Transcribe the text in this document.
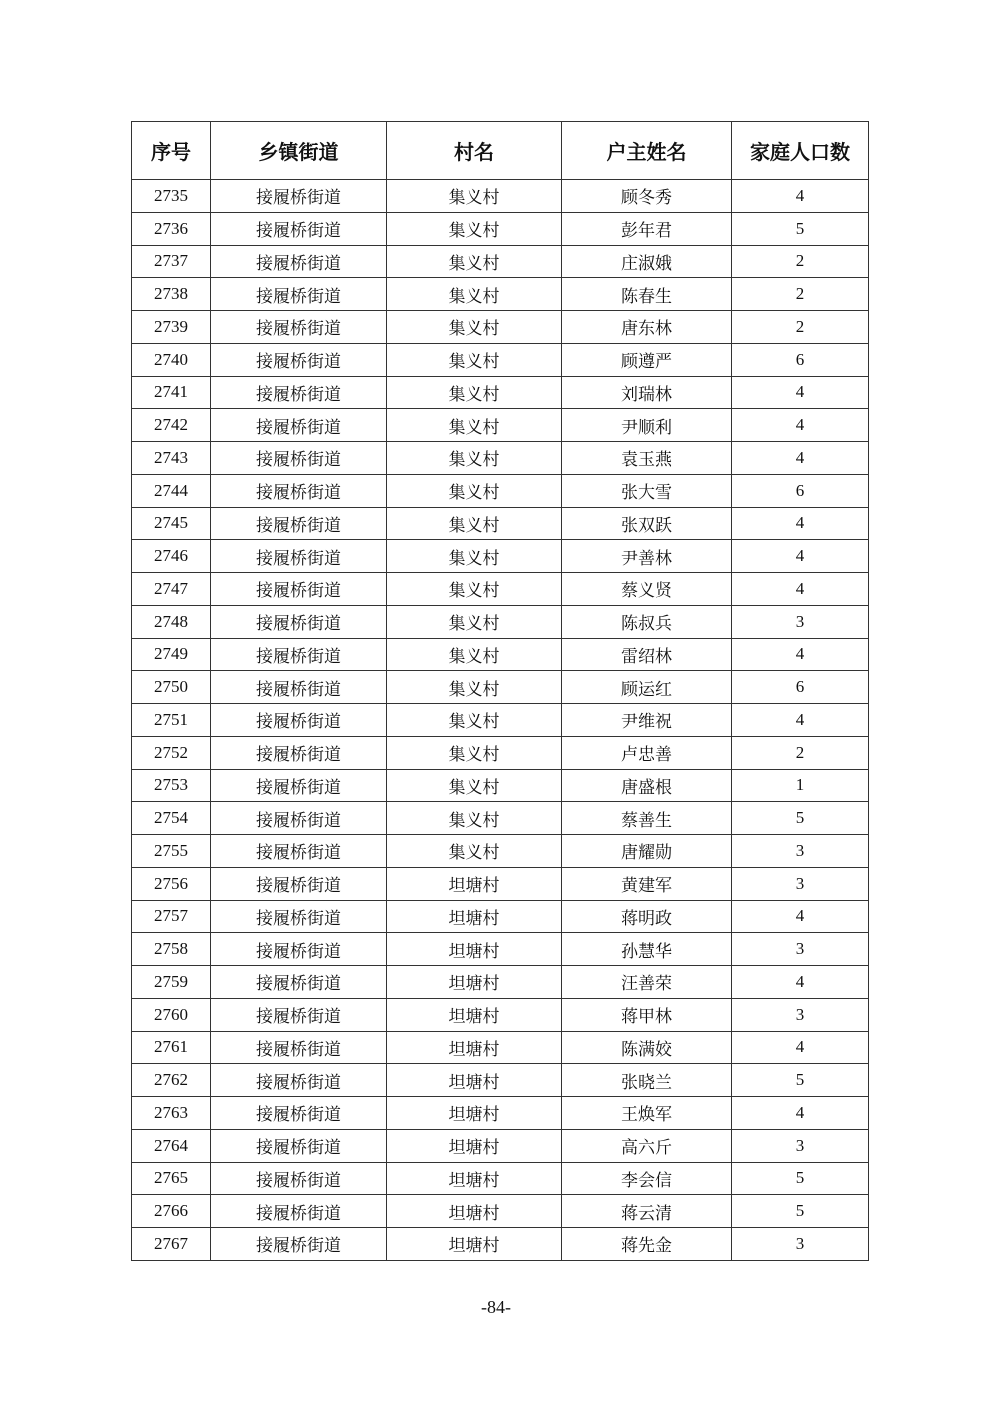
序号	乡镇街道	村名	户主姓名	家庭人口数
2735	接履桥街道	集义村	顾冬秀	4
2736	接履桥街道	集义村	彭年君	5
2737	接履桥街道	集义村	庄淑娥	2
2738	接履桥街道	集义村	陈春生	2
2739	接履桥街道	集义村	唐东林	2
2740	接履桥街道	集义村	顾遵严	6
2741	接履桥街道	集义村	刘瑞林	4
2742	接履桥街道	集义村	尹顺利	4
2743	接履桥街道	集义村	袁玉燕	4
2744	接履桥街道	集义村	张大雪	6
2745	接履桥街道	集义村	张双跃	4
2746	接履桥街道	集义村	尹善林	4
2747	接履桥街道	集义村	蔡义贤	4
2748	接履桥街道	集义村	陈叔兵	3
2749	接履桥街道	集义村	雷绍林	4
2750	接履桥街道	集义村	顾运红	6
2751	接履桥街道	集义村	尹维祝	4
2752	接履桥街道	集义村	卢忠善	2
2753	接履桥街道	集义村	唐盛根	1
2754	接履桥街道	集义村	蔡善生	5
2755	接履桥街道	集义村	唐耀勋	3
2756	接履桥街道	坦塘村	黄建军	3
2757	接履桥街道	坦塘村	蒋明政	4
2758	接履桥街道	坦塘村	孙慧华	3
2759	接履桥街道	坦塘村	汪善荣	4
2760	接履桥街道	坦塘村	蒋甲林	3
2761	接履桥街道	坦塘村	陈满姣	4
2762	接履桥街道	坦塘村	张晓兰	5
2763	接履桥街道	坦塘村	王焕军	4
2764	接履桥街道	坦塘村	高六斤	3
2765	接履桥街道	坦塘村	李会信	5
2766	接履桥街道	坦塘村	蒋云清	5
2767	接履桥街道	坦塘村	蒋先金	3
-84-
